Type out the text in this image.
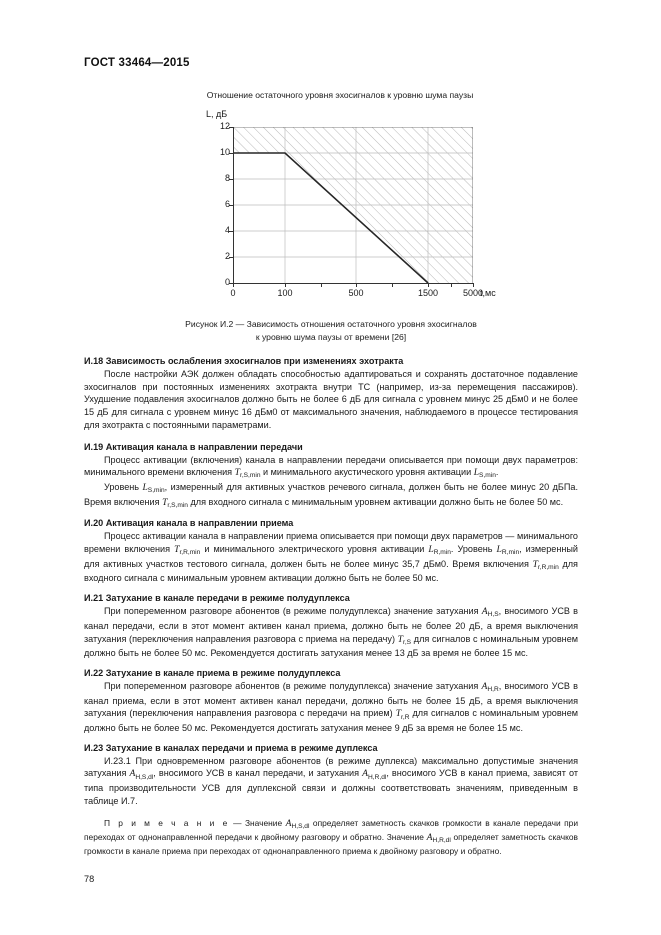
ГОСТ 33464—2015
Отношение остаточного уровня эхосигналов к уровню шума паузы
L, дБ
0
2
4
6
8
10
12
0	100	500	1500	5000
t,мс
Рисунок И.2 — Зависимость отношения остаточного уровня эхосигналов
к уровню шума паузы от времени [26]
И.18 Зависимость ослабления эхосигналов при изменениях эхотракта

После настройки АЭК должен обладать способностью адаптироваться и сохранять достаточное подавление эхосигналов при постоянных изменениях эхотракта внутри ТС (например, из-за перемещения пассажиров). Ухудшение подавления эхосигналов должно быть не более 6 дБ для сигнала с уровнем минус 25 дБм0 и не более 15 дБ для сигнала с уровнем минус 16 дБм0 от максимального значения, наблюдаемого в процессе тестирования для эхотракта с постоянными параметрами.

И.19 Активация канала в направлении передачи

Процесс активации (включения) канала в направлении передачи описывается при помощи двух параметров: минимального времени включения $T_{r,S,min}$ и минимального акустического уровня активации $L_{S,min}$.

Уровень $L_{S,min}$, измеренный для активных участков речевого сигнала, должен быть не более минус 20 дБПа. Время включения $T_{r,S,min}$ для входного сигнала с минимальным уровнем активации должно быть не более 50 мс.

И.20 Активация канала в направлении приема

Процесс активации канала в направлении приема описывается при помощи двух параметров — минимального времени включения $T_{r,R,min}$ и минимального электрического уровня активации $L_{R,min}$. Уровень $L_{R,min}$, измеренный для активных участков тестового сигнала, должен быть не более минус 35,7 дБм0. Время включения $T_{r,R,min}$ для входного сигнала с минимальным уровнем активации должно быть не более 50 мс.

И.21 Затухание в канале передачи в режиме полудуплекса

При попеременном разговоре абонентов (в режиме полудуплекса) значение затухания $A_{H,S}$, вносимого УСВ в канал передачи, если в этот момент активен канал приема, должно быть не более 20 дБ, а время выключения затухания (переключения направления разговора с приема на передачу) $T_{r,S}$ для сигналов с номинальным уровнем должно быть не более 50 мс. Рекомендуется достигать затухания менее 13 дБ за время не более 15 мс.

И.22 Затухание в канале приема в режиме полудуплекса

При попеременном разговоре абонентов (в режиме полудуплекса) значение затухания $A_{H,R}$, вносимого УСВ в канал приема, если в этот момент активен канал передачи, должно быть не более 15 дБ, а время выключения затухания (переключения направления разговора с передачи на прием) $T_{r,R}$ для сигналов с номинальным уровнем должно быть не более 50 мс. Рекомендуется достигать затухания менее 9 дБ за время не более 15 мс.

И.23 Затухание в каналах передачи и приема в режиме дуплекса

И.23.1 При одновременном разговоре абонентов (в режиме дуплекса) максимально допустимые значения затухания $A_{H,S,dl}$, вносимого УСВ в канал передачи, и затухания $A_{H,R,dl}$, вносимого УСВ в канал приема, зависят от типа производительности УСВ для дуплексной связи и должны соответствовать значениям, приведенным в таблице И.7.

П р и м е ч а н и е — Значение $A_{H,S,dl}$ определяет заметность скачков громкости в канале передачи при переходах от однонаправленной передачи к двойному разговору и обратно. Значение $A_{H,R,dl}$ определяет заметность скачков громкости в канале приема при переходах от однонаправленного приема к двойному разговору и обратно.

78
